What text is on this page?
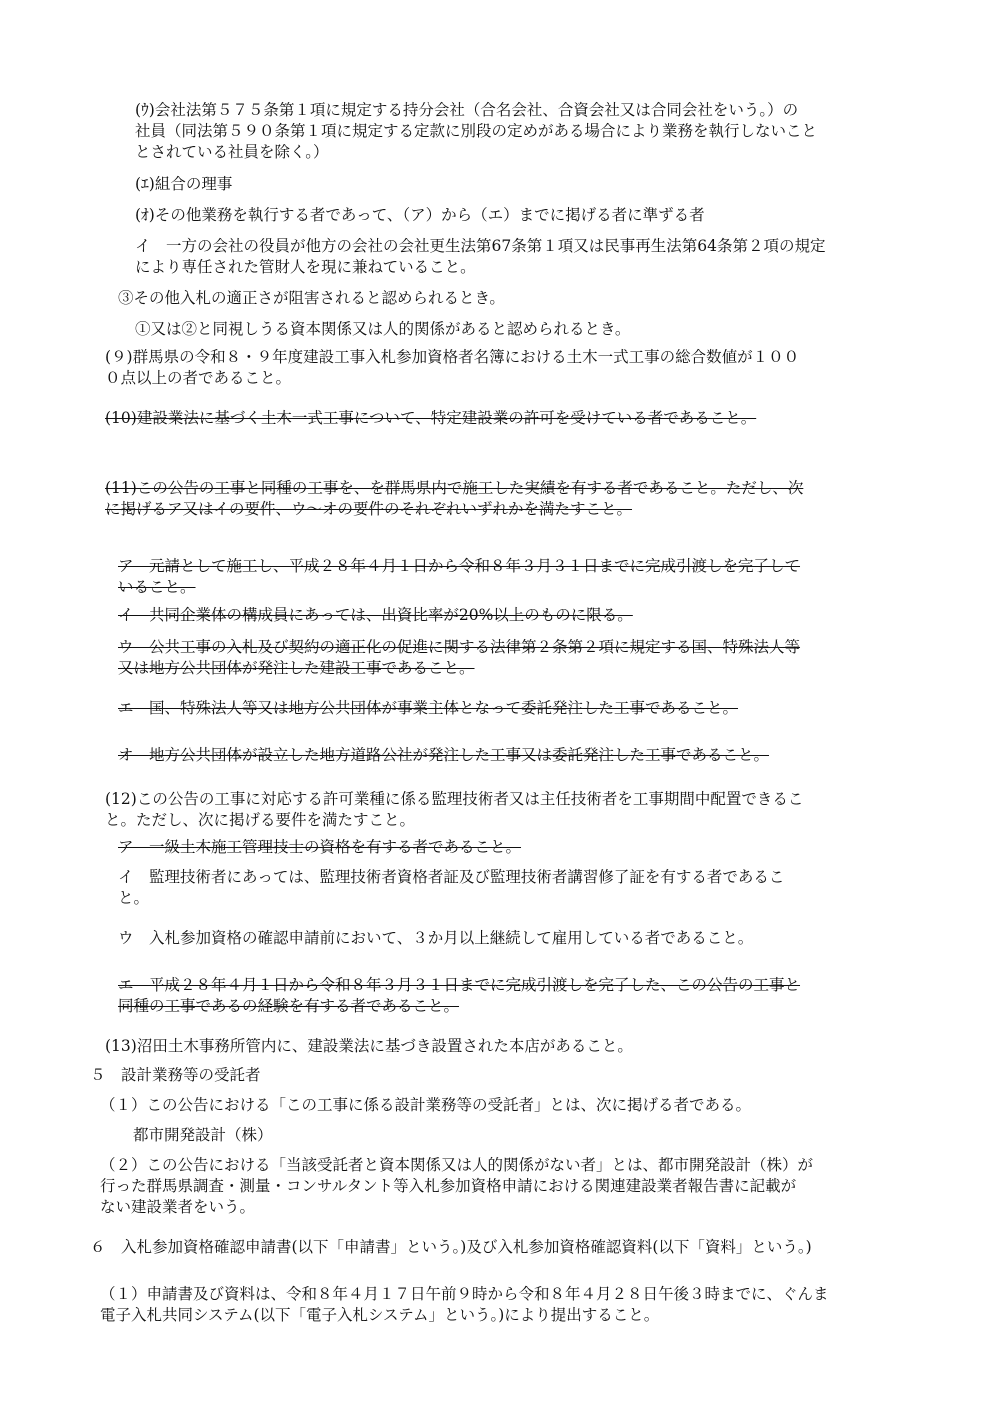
(ｳ)会社法第５７５条第１項に規定する持分会社（合名会社、合資会社又は合同会社をいう。）の
社員（同法第５９０条第１項に規定する定款に別段の定めがある場合により業務を執行しないこと
とされている社員を除く。）
(ｴ)組合の理事
(ｵ)その他業務を執行する者であって、（ア）から（エ）までに掲げる者に準ずる者
イ　一方の会社の役員が他方の会社の会社更生法第67条第１項又は民事再生法第64条第２項の規定
により専任された管財人を現に兼ねていること。
③その他入札の適正さが阻害されると認められるとき。
①又は②と同視しうる資本関係又は人的関係があると認められるとき。
(９)群馬県の令和８・９年度建設工事入札参加資格者名簿における土木一式工事の総合数値が１００
０点以上の者であること。
(10)建設業法に基づく土木一式工事について、特定建設業の許可を受けている者であること。
(11)この公告の工事と同種の工事を、を群馬県内で施工した実績を有する者であること。ただし、次
に掲げるア又はイの要件、ウ～オの要件のそれぞれいずれかを満たすこと。
ア　元請として施工し、平成２８年４月１日から令和８年３月３１日までに完成引渡しを完了して
いること。
イ　共同企業体の構成員にあっては、出資比率が20%以上のものに限る。
ウ　公共工事の入札及び契約の適正化の促進に関する法律第２条第２項に規定する国、特殊法人等
又は地方公共団体が発注した建設工事であること。
エ　国、特殊法人等又は地方公共団体が事業主体となって委託発注した工事であること。
オ　地方公共団体が設立した地方道路公社が発注した工事又は委託発注した工事であること。
(12)この公告の工事に対応する許可業種に係る監理技術者又は主任技術者を工事期間中配置できるこ
と。ただし、次に掲げる要件を満たすこと。
ア　一級土木施工管理技士の資格を有する者であること。
イ　監理技術者にあっては、監理技術者資格者証及び監理技術者講習修了証を有する者であるこ
と。
ウ　入札参加資格の確認申請前において、３か月以上継続して雇用している者であること。
エ　平成２８年４月１日から令和８年３月３１日までに完成引渡しを完了した、この公告の工事と
同種の工事であるの経験を有する者であること。
(13)沼田土木事務所管内に、建設業法に基づき設置された本店があること。
５　設計業務等の受託者
（１）この公告における「この工事に係る設計業務等の受託者」とは、次に掲げる者である。
都市開発設計（株）
（２）この公告における「当該受託者と資本関係又は人的関係がない者」とは、都市開発設計（株）が
行った群馬県調査・測量・コンサルタント等入札参加資格申請における関連建設業者報告書に記載が
ない建設業者をいう。
６　入札参加資格確認申請書(以下「申請書」という。)及び入札参加資格確認資料(以下「資料」という。)
（１）申請書及び資料は、令和８年４月１７日午前９時から令和８年４月２８日午後３時までに、ぐんま
電子入札共同システム(以下「電子入札システム」という。)により提出すること。
